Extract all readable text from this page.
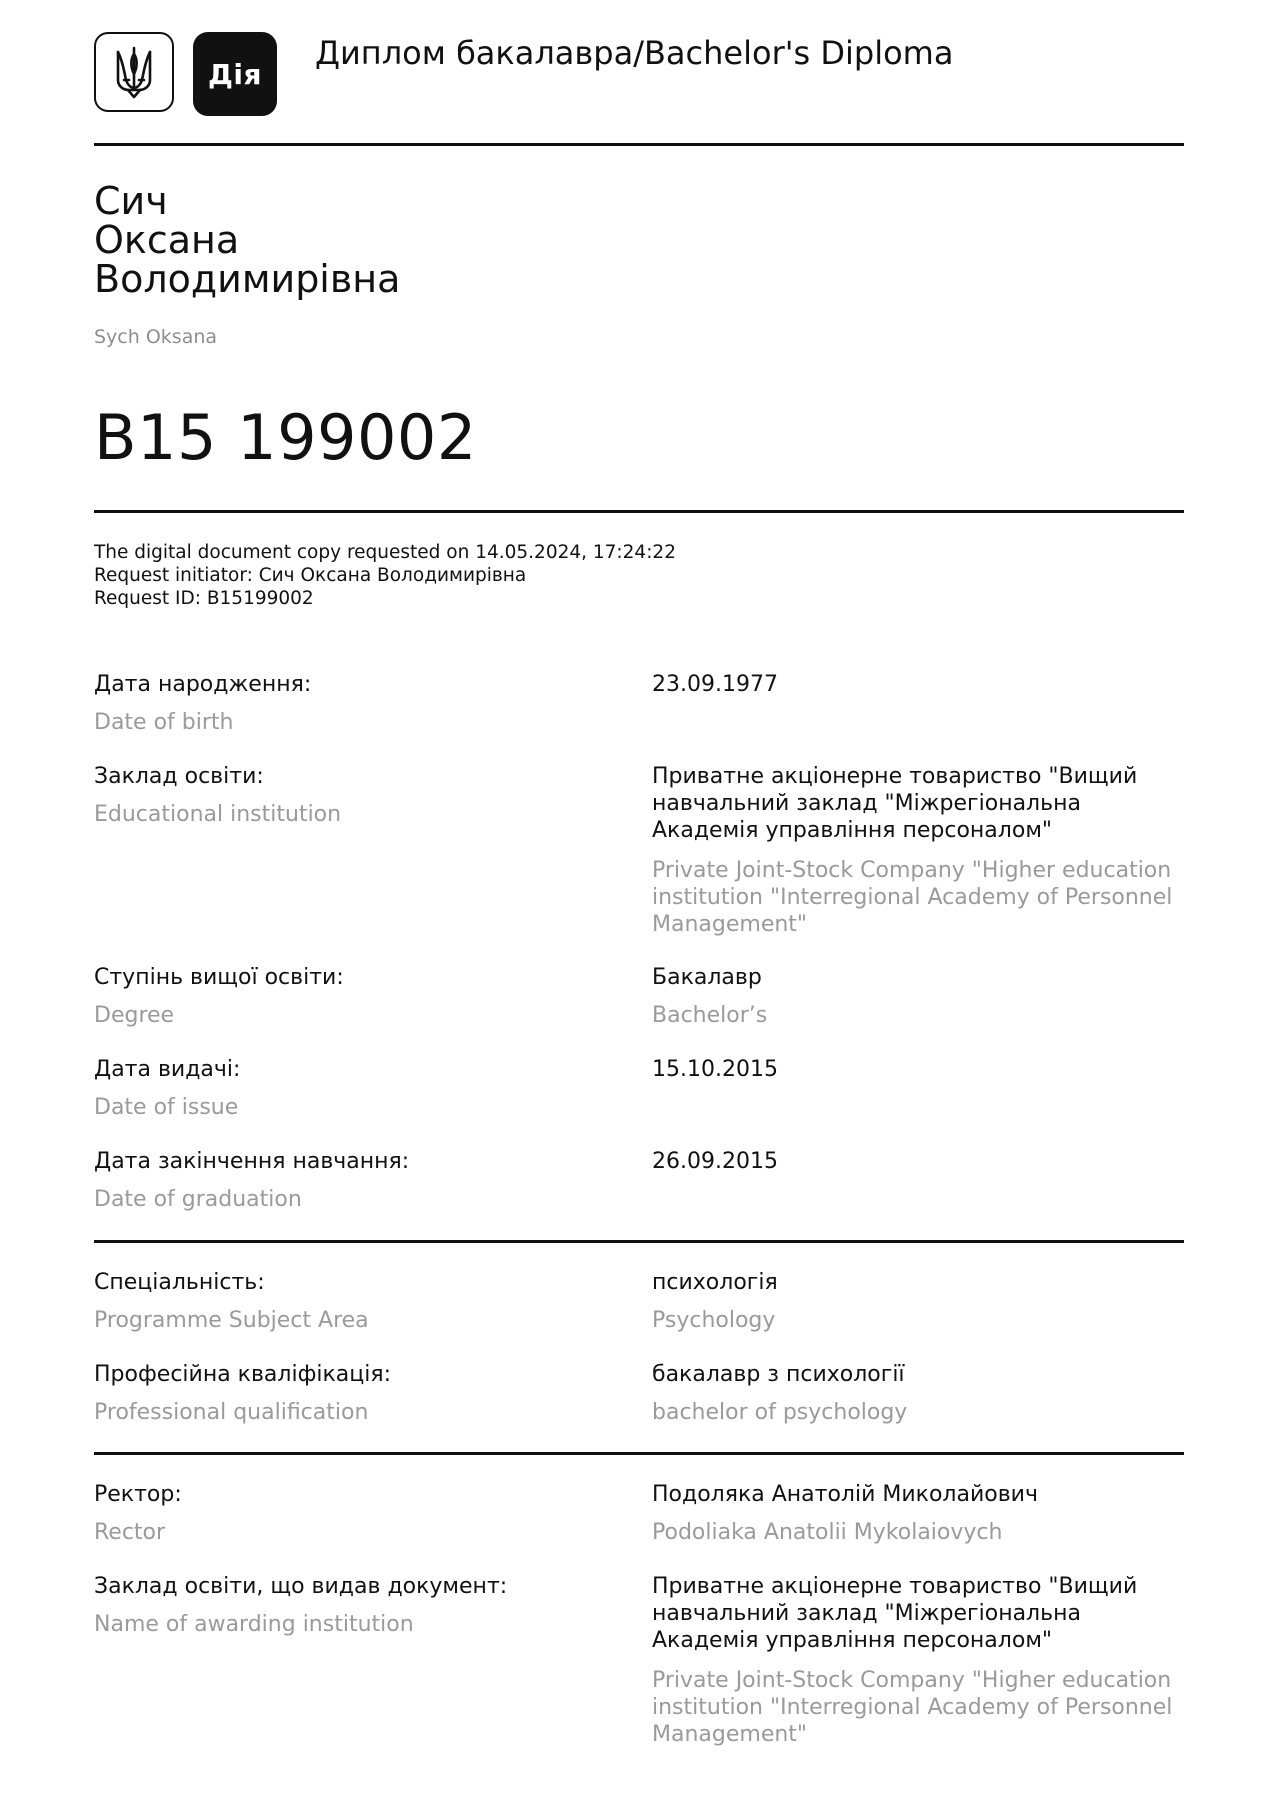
Дія
Диплом бакалавра/Bachelor's Diploma
Сич
Оксана
Володимирівна
Sych Oksana
В15 199002
The digital document copy requested on 14.05.2024, 17:24:22
Request initiator: Сич Оксана Володимирівна
Request ID: В15199002
Дата народження:
Date of birth
23.09.1977
Заклад освіти:
Educational institution
Приватне акціонерне товариство "Вищий навчальний заклад "Міжрегіональна Академія управління персоналом"
Private Joint-Stock Company "Higher education institution "Interregional Academy of Personnel Management"
Ступінь вищої освіти:
Degree
Бакалавр
Bachelor’s
Дата видачі:
Date of issue
15.10.2015
Дата закінчення навчання:
Date of graduation
26.09.2015
Спеціальність:
Programme Subject Area
психологія
Psychology
Професійна кваліфікація:
Professional qualification
бакалавр з психології
bachelor of psychology
Ректор:
Rector
Подоляка Анатолій Миколайович
Podoliaka Anatolii Mykolaiovych
Заклад освіти, що видав документ:
Name of awarding institution
Приватне акціонерне товариство "Вищий навчальний заклад "Міжрегіональна Академія управління персоналом"
Private Joint-Stock Company "Higher education institution "Interregional Academy of Personnel Management"
